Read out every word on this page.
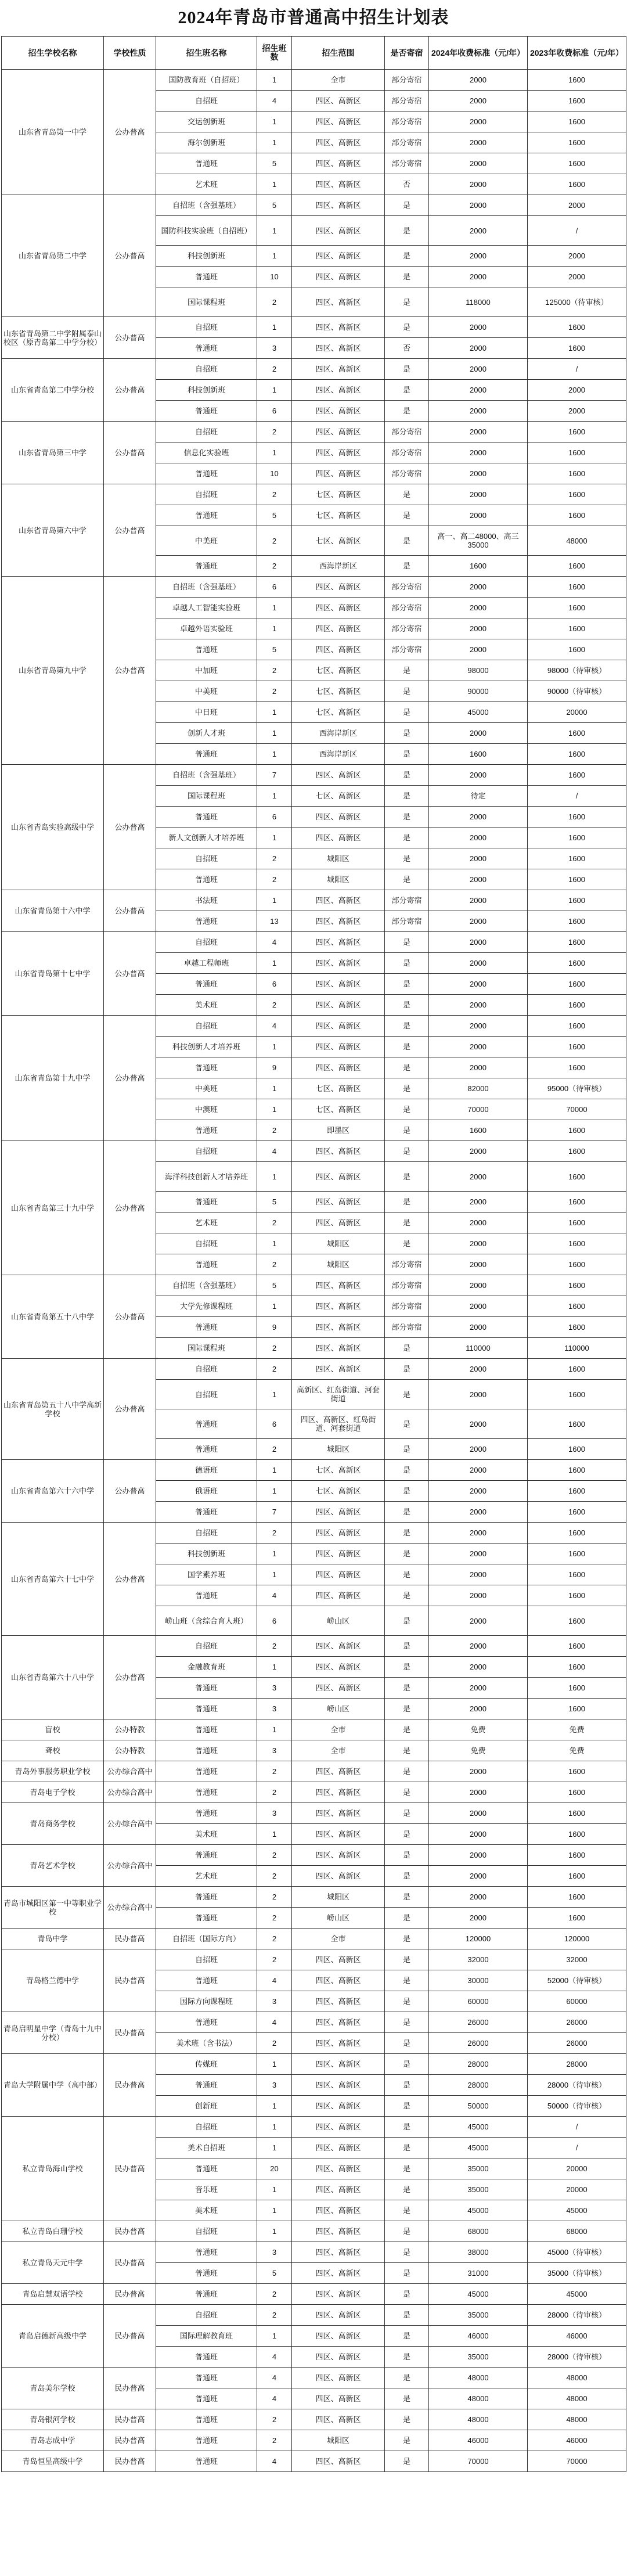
2024年青岛市普通高中招生计划表
招生学校名称	学校性质	招生班名称	招生班数	招生范围	是否寄宿	2024年收费标准（元/年）	2023年收费标准（元/年）
山东省青岛第一中学	公办普高	国防教育班（自招班）	1	全市	部分寄宿	2000	1600
		自招班	4	四区、高新区	部分寄宿	2000	1600
		交运创新班	1	四区、高新区	部分寄宿	2000	1600
		海尔创新班	1	四区、高新区	部分寄宿	2000	1600
		普通班	5	四区、高新区	部分寄宿	2000	1600
		艺术班	1	四区、高新区	否	2000	1600
山东省青岛第二中学	公办普高	自招班（含强基班）	5	四区、高新区	是	2000	2000
		国防科技实验班（自招班）	1	四区、高新区	是	2000	/
		科技创新班	1	四区、高新区	是	2000	2000
		普通班	10	四区、高新区	是	2000	2000
		国际课程班	2	四区、高新区	是	118000	125000（待审核）
山东省青岛第二中学附属泰山校区（原青岛第二中学分校）	公办普高	自招班	1	四区、高新区	是	2000	1600
		普通班	3	四区、高新区	否	2000	1600
山东省青岛第二中学分校	公办普高	自招班	2	四区、高新区	是	2000	/
		科技创新班	1	四区、高新区	是	2000	2000
		普通班	6	四区、高新区	是	2000	2000
山东省青岛第三中学	公办普高	自招班	2	四区、高新区	部分寄宿	2000	1600
		信息化实验班	1	四区、高新区	部分寄宿	2000	1600
		普通班	10	四区、高新区	部分寄宿	2000	1600
山东省青岛第六中学	公办普高	自招班	2	七区、高新区	是	2000	1600
		普通班	5	七区、高新区	是	2000	1600
		中美班	2	七区、高新区	是	高一、高二48000、高三35000	48000
		普通班	2	西海岸新区	是	1600	1600
山东省青岛第九中学	公办普高	自招班（含强基班）	6	四区、高新区	部分寄宿	2000	1600
		卓越人工智能实验班	1	四区、高新区	部分寄宿	2000	1600
		卓越外语实验班	1	四区、高新区	部分寄宿	2000	1600
		普通班	5	四区、高新区	部分寄宿	2000	1600
		中加班	2	七区、高新区	是	98000	98000（待审核）
		中美班	2	七区、高新区	是	90000	90000（待审核）
		中日班	1	七区、高新区	是	45000	20000
		创新人才班	1	西海岸新区	是	2000	1600
		普通班	1	西海岸新区	是	1600	1600
山东省青岛实验高级中学	公办普高	自招班（含强基班）	7	四区、高新区	是	2000	1600
		国际课程班	1	七区、高新区	是	待定	/
		普通班	6	四区、高新区	是	2000	1600
		新人文创新人才培养班	1	四区、高新区	是	2000	1600
		自招班	2	城阳区	是	2000	1600
		普通班	2	城阳区	是	2000	1600
山东省青岛第十六中学	公办普高	书法班	1	四区、高新区	部分寄宿	2000	1600
		普通班	13	四区、高新区	部分寄宿	2000	1600
山东省青岛第十七中学	公办普高	自招班	4	四区、高新区	是	2000	1600
		卓越工程师班	1	四区、高新区	是	2000	1600
		普通班	6	四区、高新区	是	2000	1600
		美术班	2	四区、高新区	是	2000	1600
山东省青岛第十九中学	公办普高	自招班	4	四区、高新区	是	2000	1600
		科技创新人才培养班	1	四区、高新区	是	2000	1600
		普通班	9	四区、高新区	是	2000	1600
		中美班	1	七区、高新区	是	82000	95000（待审核）
		中澳班	1	七区、高新区	是	70000	70000
		普通班	2	即墨区	是	1600	1600
山东省青岛第三十九中学	公办普高	自招班	4	四区、高新区	是	2000	1600
		海洋科技创新人才培养班	1	四区、高新区	是	2000	1600
		普通班	5	四区、高新区	是	2000	1600
		艺术班	2	四区、高新区	是	2000	1600
		自招班	1	城阳区	是	2000	1600
		普通班	2	城阳区	部分寄宿	2000	1600
山东省青岛第五十八中学	公办普高	自招班（含强基班）	5	四区、高新区	部分寄宿	2000	1600
		大学先修课程班	1	四区、高新区	部分寄宿	2000	1600
		普通班	9	四区、高新区	部分寄宿	2000	1600
		国际课程班	2	四区、高新区	是	110000	110000
山东省青岛第五十八中学高新学校	公办普高	自招班	2	四区、高新区	是	2000	1600
		自招班	1	高新区、红岛街道、河套街道	是	2000	1600
		普通班	6	四区、高新区、红岛街道、河套街道	是	2000	1600
		普通班	2	城阳区	是	2000	1600
山东省青岛第六十六中学	公办普高	德语班	1	七区、高新区	是	2000	1600
		俄语班	1	七区、高新区	是	2000	1600
		普通班	7	四区、高新区	是	2000	1600
山东省青岛第六十七中学	公办普高	自招班	2	四区、高新区	是	2000	1600
		科技创新班	1	四区、高新区	是	2000	1600
		国学素养班	1	四区、高新区	是	2000	1600
		普通班	4	四区、高新区	是	2000	1600
		崂山班（含综合育人班）	6	崂山区	是	2000	1600
山东省青岛第六十八中学	公办普高	自招班	2	四区、高新区	是	2000	1600
		金融教育班	1	四区、高新区	是	2000	1600
		普通班	3	四区、高新区	是	2000	1600
		普通班	3	崂山区	是	2000	1600
盲校	公办特教	普通班	1	全市	是	免费	免费
聋校	公办特教	普通班	3	全市	是	免费	免费
青岛外事服务职业学校	公办综合高中	普通班	2	四区、高新区	是	2000	1600
青岛电子学校	公办综合高中	普通班	2	四区、高新区	是	2000	1600
青岛商务学校	公办综合高中	普通班	3	四区、高新区	是	2000	1600
		美术班	1	四区、高新区	是	2000	1600
青岛艺术学校	公办综合高中	普通班	2	四区、高新区	是	2000	1600
		艺术班	2	四区、高新区	是	2000	1600
青岛市城阳区第一中等职业学校	公办综合高中	普通班	2	城阳区	是	2000	1600
		普通班	2	崂山区	是	2000	1600
青岛中学	民办普高	自招班（国际方向）	2	全市	是	120000	120000
青岛格兰德中学	民办普高	自招班	2	四区、高新区	是	32000	32000
		普通班	4	四区、高新区	是	30000	52000（待审核）
		国际方向课程班	3	四区、高新区	是	60000	60000
青岛启明星中学（青岛十九中分校）	民办普高	普通班	4	四区、高新区	是	26000	26000
		美术班（含书法）	2	四区、高新区	是	26000	26000
青岛大学附属中学（高中部）	民办普高	传媒班	1	四区、高新区	是	28000	28000
		普通班	3	四区、高新区	是	28000	28000（待审核）
		创新班	1	四区、高新区	是	50000	50000（待审核）
私立青岛海山学校	民办普高	自招班	1	四区、高新区	是	45000	/
		美术自招班	1	四区、高新区	是	45000	/
		普通班	20	四区、高新区	是	35000	20000
		音乐班	1	四区、高新区	是	35000	20000
		美术班	1	四区、高新区	是	45000	45000
私立青岛白珊学校	民办普高	自招班	1	四区、高新区	是	68000	68000
私立青岛天元中学	民办普高	普通班	3	四区、高新区	是	38000	45000（待审核）
		普通班	5	四区、高新区	是	31000	35000（待审核）
青岛启慧双语学校	民办普高	普通班	2	四区、高新区	是	45000	45000
青岛启德新高级中学	民办普高	自招班	2	四区、高新区	是	35000	28000（待审核）
		国际理解教育班	1	四区、高新区	是	46000	46000
		普通班	4	四区、高新区	是	35000	28000（待审核）
青岛美尔学校	民办普高	普通班	4	四区、高新区	是	48000	48000
		普通班	4	四区、高新区	是	48000	48000
青岛银河学校	民办普高	普通班	2	四区、高新区	是	48000	48000
青岛志成中学	民办普高	普通班	2	城阳区	是	46000	46000
青岛恒星高级中学	民办普高	普通班	4	四区、高新区	是	70000	70000
